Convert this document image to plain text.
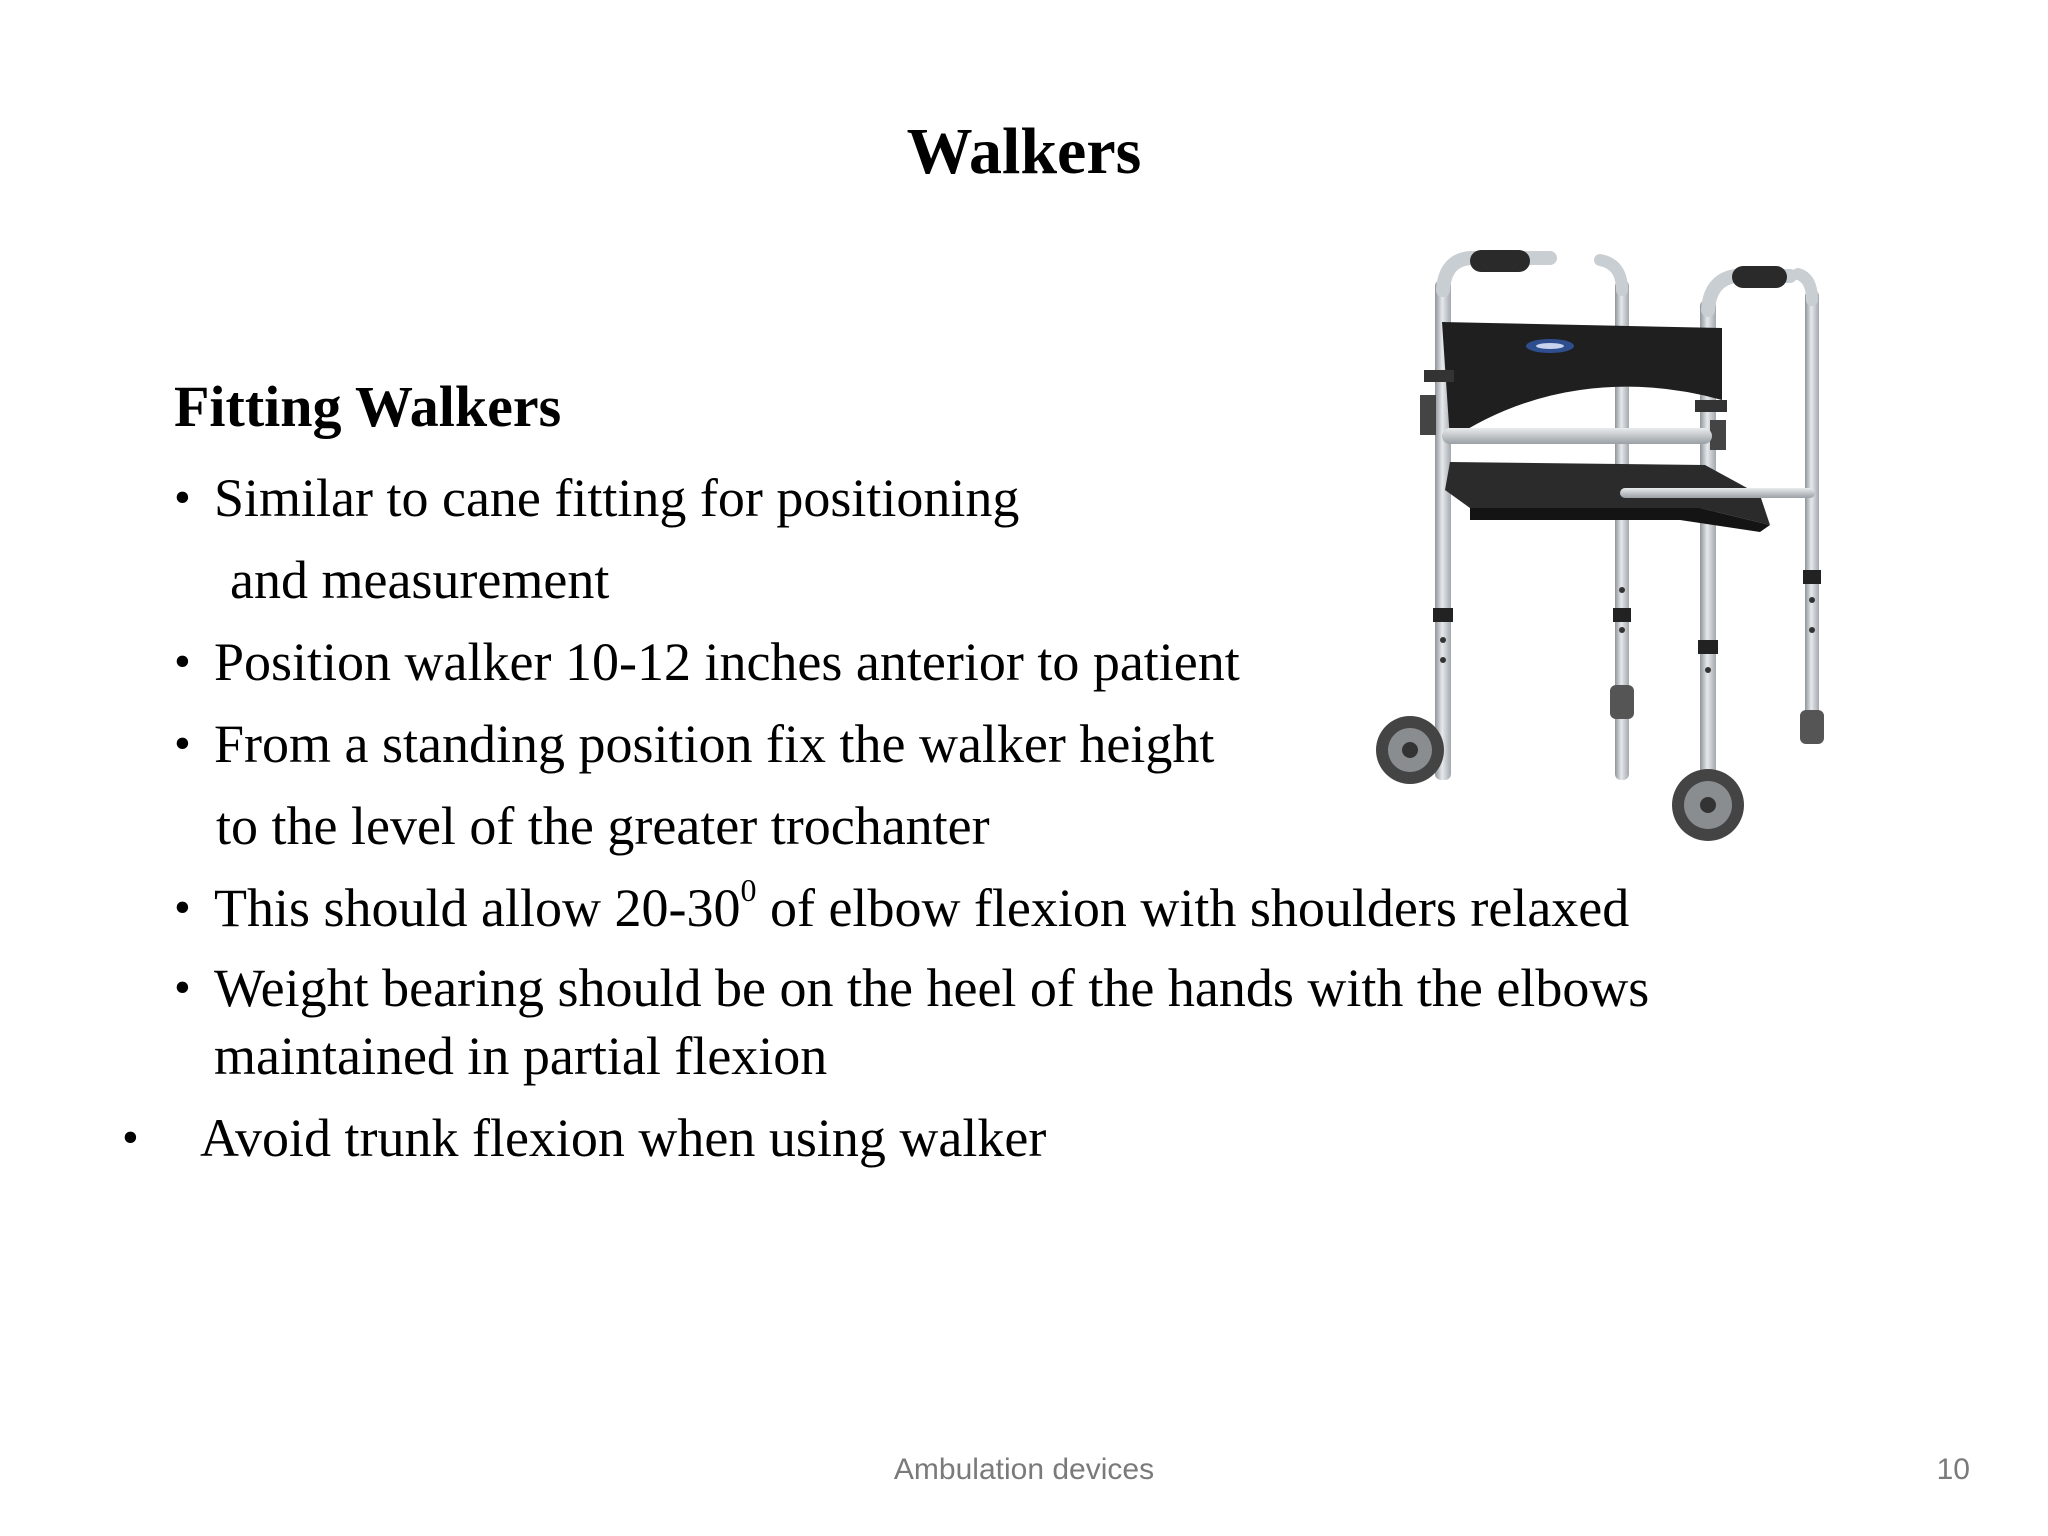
Walkers
Fitting Walkers
• Similar to cane fitting for positioning
and measurement
• Position walker 10-12 inches anterior to patient
• From a standing position fix the walker height
to the level of the greater trochanter
• This should allow $20-30^0$ of elbow flexion with shoulders relaxed
• Weight bearing should be on the heel of the hands with the elbows
maintained in partial flexion
• Avoid trunk flexion when using walker
Ambulation devices	10
